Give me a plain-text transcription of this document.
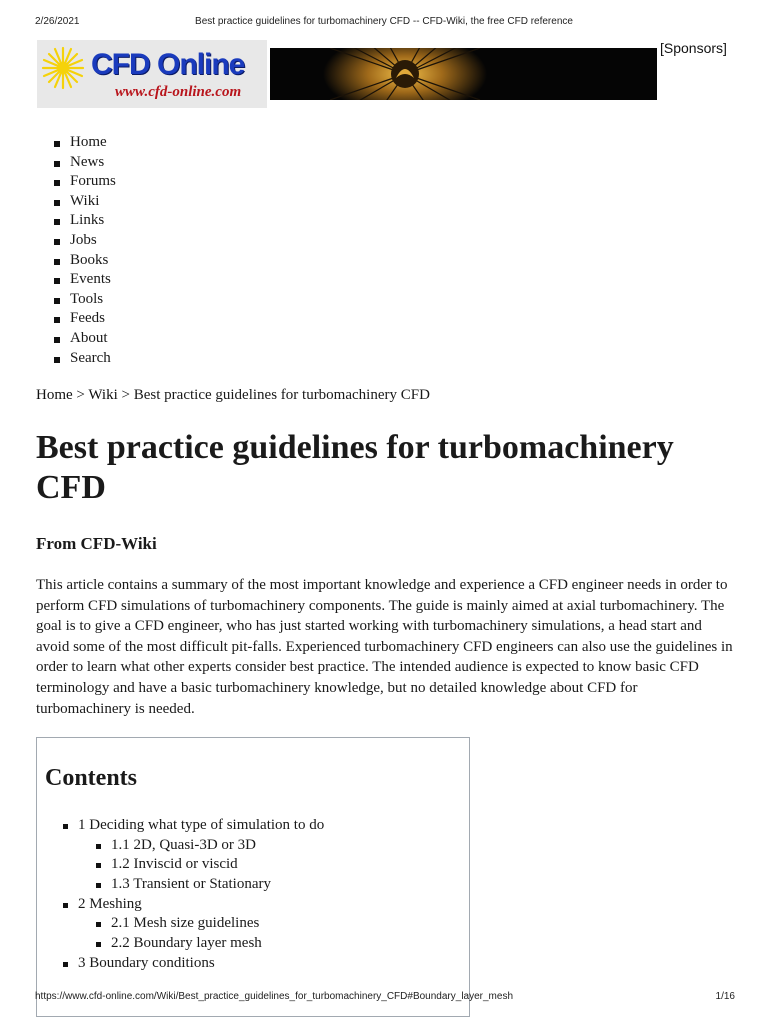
2/26/2021	Best practice guidelines for turbomachinery CFD -- CFD-Wiki, the free CFD reference
CFD Online
www.cfd-online.com
[Sponsors]
Home
News
Forums
Wiki
Links
Jobs
Books
Events
Tools
Feeds
About
Search
Home > Wiki > Best practice guidelines for turbomachinery CFD
Best practice guidelines for turbomachinery CFD
From CFD-Wiki

This article contains a summary of the most important knowledge and experience a CFD engineer needs in order to perform CFD simulations of turbomachinery components. The guide is mainly aimed at axial turbomachinery. The goal is to give a CFD engineer, who has just started working with turbomachinery simulations, a head start and avoid some of the most difficult pit-falls. Experienced turbomachinery CFD engineers can also use the guidelines in order to learn what other experts consider best practice. The intended audience is expected to know basic CFD terminology and have a basic turbomachinery knowledge, but no detailed knowledge about CFD for turbomachinery is needed.

Contents
1 Deciding what type of simulation to do
1.1 2D, Quasi-3D or 3D
1.2 Inviscid or viscid
1.3 Transient or Stationary
2 Meshing
2.1 Mesh size guidelines
2.2 Boundary layer mesh
3 Boundary conditions
https://www.cfd-online.com/Wiki/Best_practice_guidelines_for_turbomachinery_CFD#Boundary_layer_mesh	1/16
